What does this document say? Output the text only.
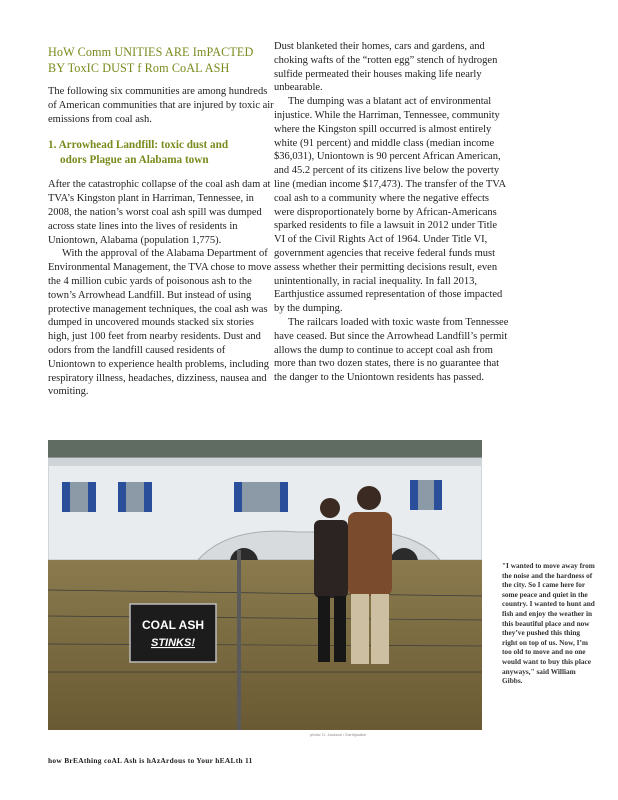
HoW Comm UNITIES ARE ImPACTED
BY ToxIC DUST f Rom CoAL ASH

The following six communities are among hundreds of American communities that are injured by toxic air emissions from coal ash.

1. Arrowhead Landfill: toxic dust and
odors Plague an Alabama town

After the catastrophic collapse of the coal ash dam at TVA’s Kingston plant in Harriman, Tennessee, in 2008, the nation’s worst coal ash spill was dumped across state lines into the lives of residents in Uniontown, Alabama (population 1,775).

With the approval of the Alabama Department of Environmental Management, the TVA chose to move the 4 million cubic yards of poisonous ash to the town’s Arrowhead Landfill. But instead of using protective management techniques, the coal ash was dumped in uncovered mounds stacked six stories high, just 100 feet from nearby residents. Dust and odors from the landfill caused residents of Uniontown to experience health problems, including respiratory illness, headaches, dizziness, nausea and vomiting.

Dust blanketed their homes, cars and gardens, and choking wafts of the “rotten egg” stench of hydrogen sulfide permeated their houses making life nearly unbearable.

The dumping was a blatant act of environmental injustice. While the Harriman, Tennessee, community where the Kingston spill occurred is almost entirely white (91 percent) and middle class (median income $36,031), Uniontown is 90 percent African American, and 45.2 percent of its citizens live below the poverty line (median income $17,473). The transfer of the TVA coal ash to a community where the negative effects were disproportionately borne by African-Americans sparked residents to file a lawsuit in 2012 under Title VI of the Civil Rights Act of 1964. Under Title VI, government agencies that receive federal funds must assess whether their permitting decisions result, even unintentionally, in racial inequality. In fall 2013, Earthjustice assumed representation of those impacted by the dumping.

The railcars loaded with toxic waste from Tennessee have ceased. But since the Arrowhead Landfill’s permit allows the dump to continue to accept coal ash from more than two dozen states, there is no guarantee that the danger to the Uniontown residents has passed.

COAL ASH
STINKS!
photo: D. Jackson / Earthjustice
"I wanted to move away from the noise and the hardness of the city. So I came here for some peace and quiet in the country. I wanted to hunt and fish and enjoy the weather in this beautiful place and now they’ve pushed this thing right on top of us. Now, I’m too old to move and no one would want to buy this place anyways," said William Gibbs.
how BrEAthing coAL Ash is hAzArdous to Your hEALth 11
